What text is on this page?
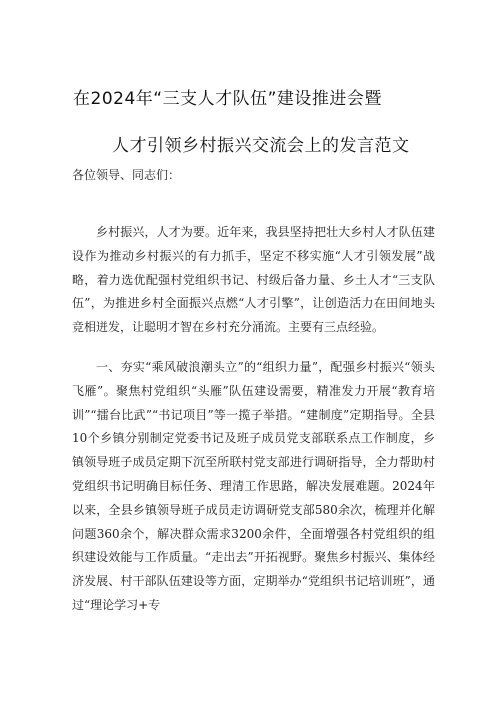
在2024年“三支人才队伍”建设推进会暨
人才引领乡村振兴交流会上的发言范文

各位领导、同志们：

乡村振兴，人才为要。近年来，我县坚持把壮大乡村人才队伍建设作为推动乡村振兴的有力抓手，坚定不移实施“人才引领发展”战略，着力选优配强村党组织书记、村级后备力量、乡土人才“三支队伍”，为推进乡村全面振兴点燃“人才引擎”，让创造活力在田间地头竞相迸发，让聪明才智在乡村充分涌流。主要有三点经验。

一、夯实“乘风破浪潮头立”的“组织力量”，配强乡村振兴“领头飞雁”。聚焦村党组织“头雁”队伍建设需要，精准发力开展“教育培训”“擂台比武”“书记项目”等一揽子举措。“建制度”定期指导。全县10个乡镇分别制定党委书记及班子成员党支部联系点工作制度，乡镇领导班子成员定期下沉至所联村党支部进行调研指导，全力帮助村党组织书记明确目标任务、理清工作思路，解决发展难题。2024年以来，全县乡镇领导班子成员走访调研党支部580余次，梳理并化解问题360余个，解决群众需求3200余件，全面增强各村党组织的组织建设效能与工作质量。“走出去”开拓视野。聚焦乡村振兴、集体经济发展、村干部队伍建设等方面，定期举办“党组织书记培训班”，通过“理论学习+专
